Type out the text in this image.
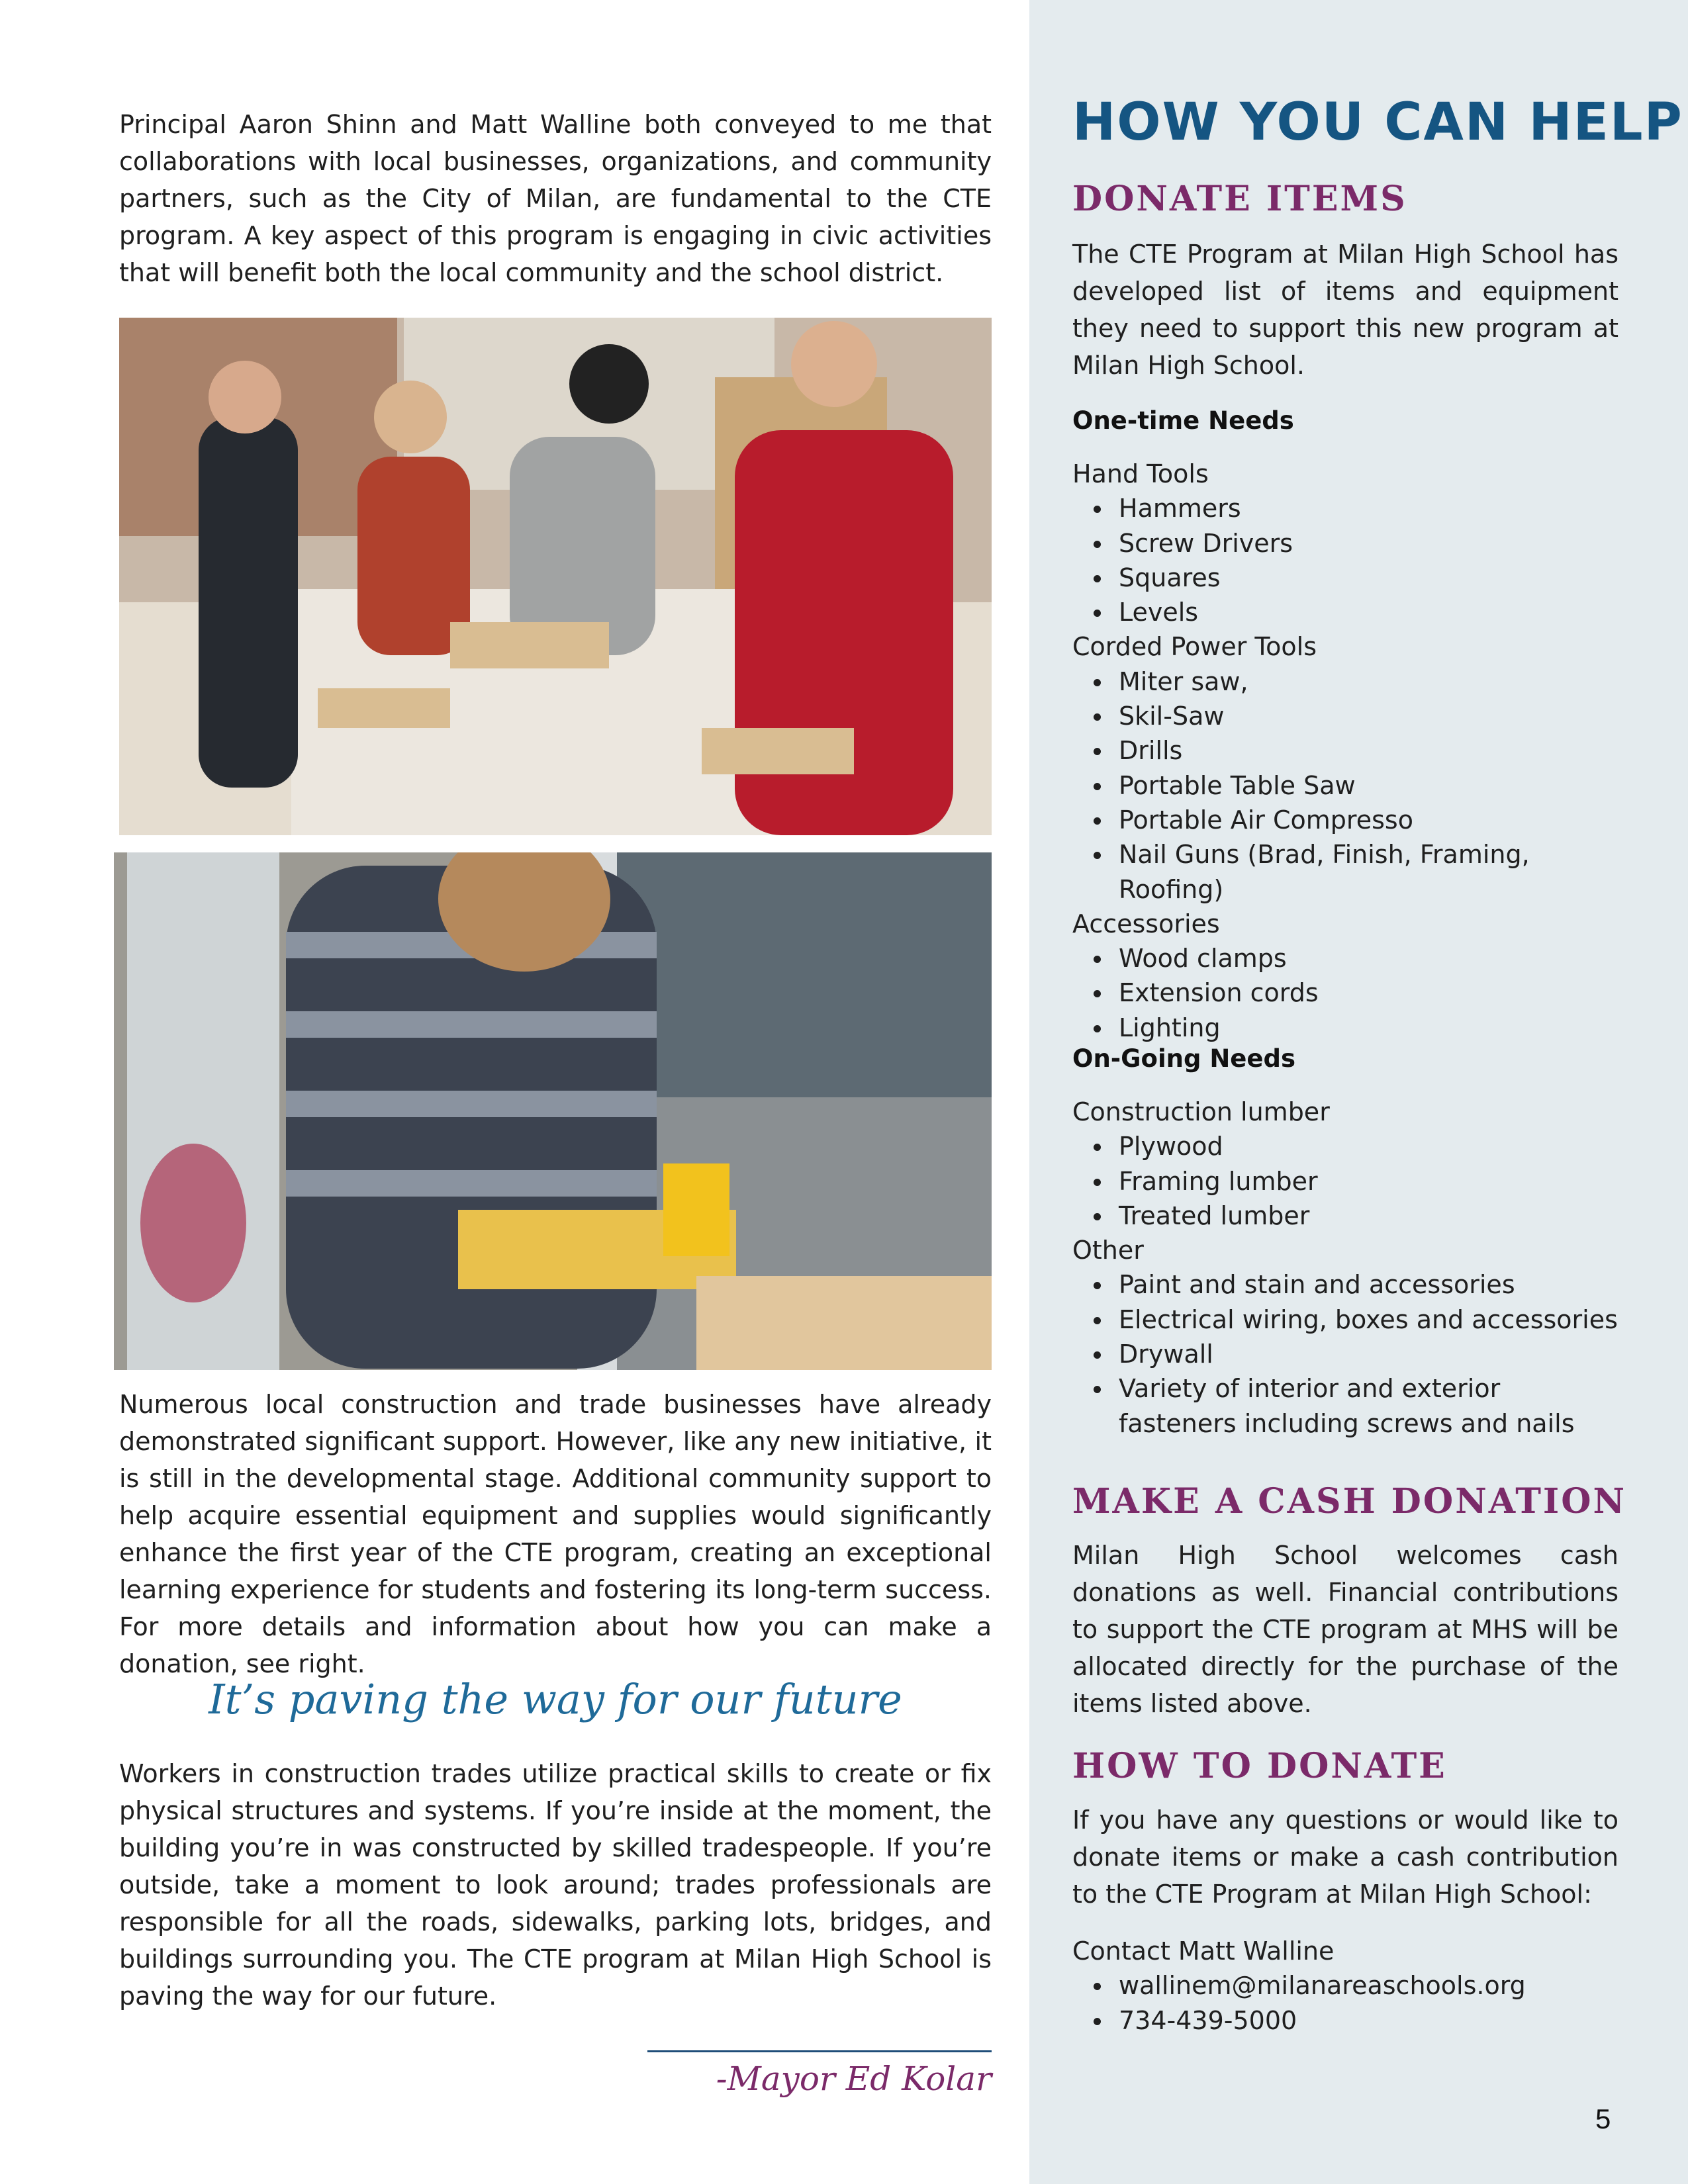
Principal Aaron Shinn and Matt Walline both conveyed to me that collaborations with local businesses, organizations, and community partners, such as the City of Milan, are fundamental to the CTE program. A key aspect of this program is engaging in civic activities that will benefit both the local community and the school district.

Numerous local construction and trade businesses have already demonstrated significant support. However, like any new initiative, it is still in the developmental stage. Additional community support to help acquire essential equipment and supplies would significantly enhance the first year of the CTE program, creating an exceptional learning experience for students and fostering its long-term success. For more details and information about how you can make a donation, see right.

It’s paving the way for our future

Workers in construction trades utilize practical skills to create or fix physical structures and systems. If you’re inside at the moment, the building you’re in was constructed by skilled tradespeople. If you’re outside, take a moment to look around; trades professionals are responsible for all the roads, sidewalks, parking lots, bridges, and buildings surrounding you. The CTE program at Milan High School is paving the way for our future.

-Mayor Ed Kolar
HOW YOU CAN HELP
DONATE ITEMS

The CTE Program at Milan High School has developed list of items and equipment they need to support this new program at Milan High School.

One-time Needs

Hand Tools
Hammers
Screw Drivers
Squares
Levels
Corded Power Tools
Miter saw,
Skil-Saw
Drills
Portable Table Saw
Portable Air Compresso
Nail Guns (Brad, Finish, Framing, Roofing)
Accessories
Wood clamps
Extension cords
Lighting

On-Going Needs

Construction lumber
Plywood
Framing lumber
Treated lumber
Other
Paint and stain and accessories
Electrical wiring, boxes and accessories
Drywall
Variety of interior and exterior fasteners including screws and nails
MAKE A CASH DONATION

Milan High School welcomes cash donations as well. Financial contributions to support the CTE program at MHS will be allocated directly for the purchase of the items listed above.

HOW TO DONATE

If you have any questions or would like to donate items or make a cash contribution to the CTE Program at Milan High School:

Contact Matt Walline
wallinem@milanareaschools.org
734-439-5000
5
